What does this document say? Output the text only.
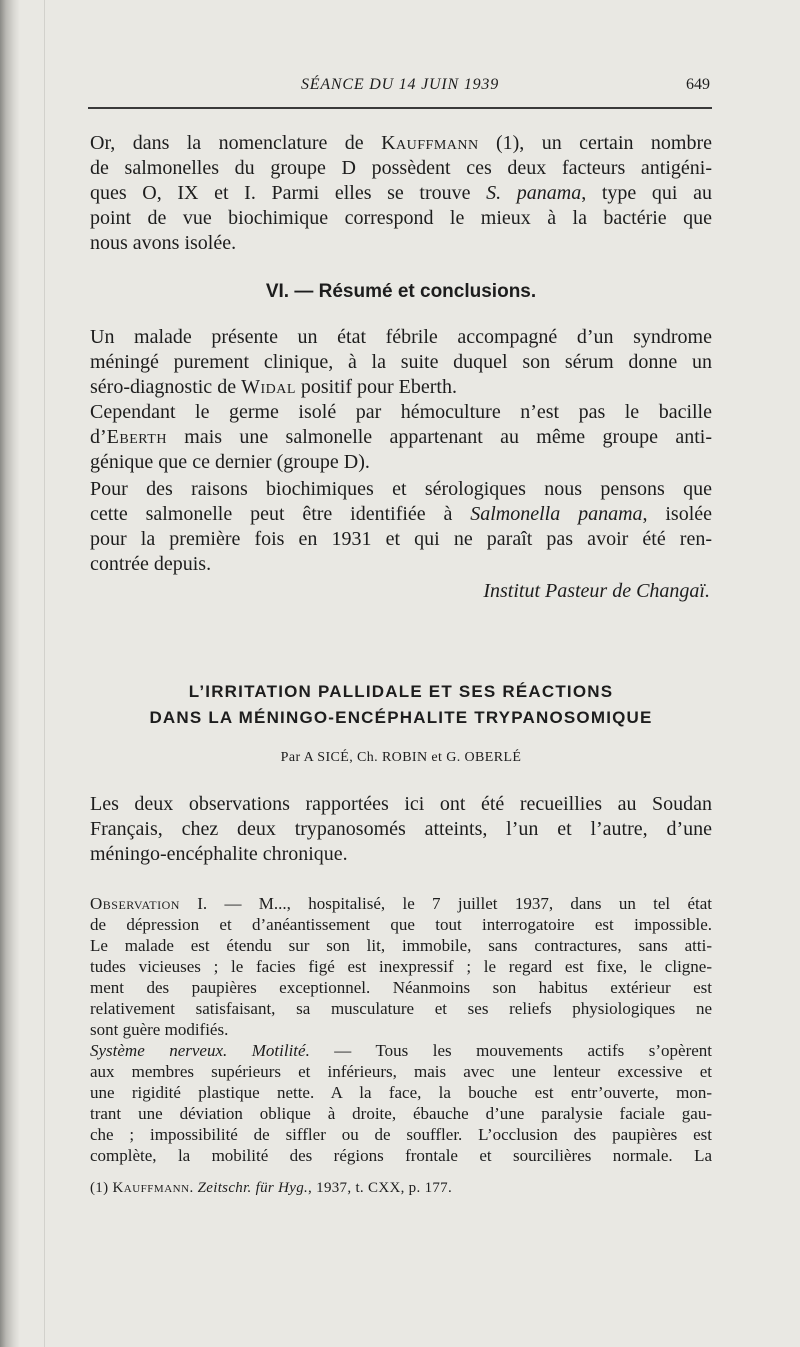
SÉANCE DU 14 JUIN 1939	649
Or, dans la nomenclature de Kauffmann (1), un certain nombre
de salmonelles du groupe D possèdent ces deux facteurs antigéni-
ques O, IX et I. Parmi elles se trouve S. panama, type qui au
point de vue biochimique correspond le mieux à la bactérie que
nous avons isolée.
VI. — Résumé et conclusions.
Un malade présente un état fébrile accompagné d’un syndrome
méningé purement clinique, à la suite duquel son sérum donne un
séro-diagnostic de Widal positif pour Eberth.
Cependant le germe isolé par hémoculture n’est pas le bacille
d’Eberth mais une salmonelle appartenant au même groupe anti-
génique que ce dernier (groupe D).
Pour des raisons biochimiques et sérologiques nous pensons que
cette salmonelle peut être identifiée à Salmonella panama, isolée
pour la première fois en 1931 et qui ne paraît pas avoir été ren-
contrée depuis.
Institut Pasteur de Changaï.
L’IRRITATION PALLIDALE ET SES RÉACTIONS
DANS LA MÉNINGO-ENCÉPHALITE TRYPANOSOMIQUE
Par A SICÉ, Ch. ROBIN et G. OBERLÉ
Les deux observations rapportées ici ont été recueillies au Soudan
Français, chez deux trypanosomés atteints, l’un et l’autre, d’une
méningo-encéphalite chronique.
Observation I. — M..., hospitalisé, le 7 juillet 1937, dans un tel état
de dépression et d’anéantissement que tout interrogatoire est impossible.
Le malade est étendu sur son lit, immobile, sans contractures, sans atti-
tudes vicieuses ; le facies figé est inexpressif ; le regard est fixe, le cligne-
ment des paupières exceptionnel. Néanmoins son habitus extérieur est
relativement satisfaisant, sa musculature et ses reliefs physiologiques ne
sont guère modifiés.
Système nerveux. Motilité. — Tous les mouvements actifs s’opèrent
aux membres supérieurs et inférieurs, mais avec une lenteur excessive et
une rigidité plastique nette. A la face, la bouche est entr’ouverte, mon-
trant une déviation oblique à droite, ébauche d’une paralysie faciale gau-
che ; impossibilité de siffler ou de souffler. L’occlusion des paupières est
complète, la mobilité des régions frontale et sourcilières normale. La
(1) Kauffmann. Zeitschr. für Hyg., 1937, t. CXX, p. 177.
